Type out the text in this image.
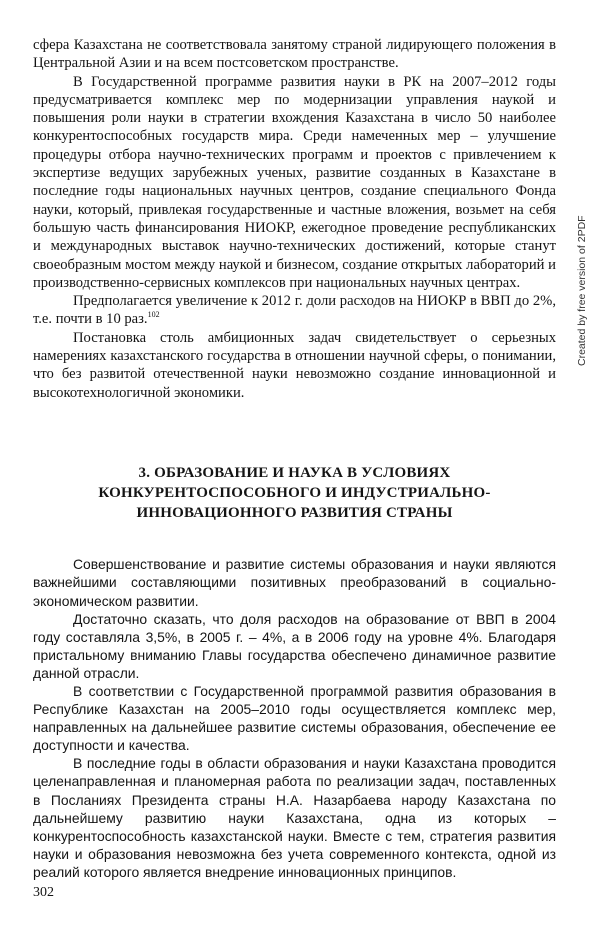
сфера Казахстана не соответствовала занятому страной лидирующего положения в Центральной Азии и на всем постсоветском пространстве.

В Государственной программе развития науки в РК на 2007–2012 годы предусматривается комплекс мер по модернизации управления наукой и повышения роли науки в стратегии вхождения Казахстана в число 50 наиболее конкурентоспособных государств мира. Среди намеченных мер – улучшение процедуры отбора научно-технических программ и проектов с привлечением к экспертизе ведущих зарубежных ученых, развитие созданных в Казахстане в последние годы национальных научных центров, создание специального Фонда науки, который, привлекая государственные и частные вложения, возьмет на себя большую часть финансирования НИОКР, ежегодное проведение республиканских и международных выставок научно-технических достижений, которые станут своеобразным мостом между наукой и бизнесом, создание открытых лабораторий и производственно-сервисных комплексов при национальных научных центрах.

Предполагается увеличение к 2012 г. доли расходов на НИОКР в ВВП до 2%, т.е. почти в 10 раз.$^{102}$

Постановка столь амбиционных задач свидетельствует о серьезных намерениях казахстанского государства в отношении научной сферы, о понимании, что без развитой отечественной науки невозможно создание инновационной и высокотехнологичной экономики.

3. ОБРАЗОВАНИЕ И НАУКА В УСЛОВИЯХ

КОНКУРЕНТОСПОСОБНОГО И ИНДУСТРИАЛЬНО-

ИННОВАЦИОННОГО РАЗВИТИЯ СТРАНЫ

Совершенствование и развитие системы образования и науки являются важнейшими составляющими позитивных преобразований в социально-экономическом развитии.

Достаточно сказать, что доля расходов на образование от ВВП в 2004 году составляла 3,5%, в 2005 г. – 4%, а в 2006 году на уровне 4%. Благодаря пристальному вниманию Главы государства обеспечено динамичное развитие данной отрасли.

В соответствии с Государственной программой развития образования в Республике Казахстан на 2005–2010 годы осуществляется комплекс мер, направленных на дальнейшее развитие системы образования, обеспечение ее доступности и качества.

В последние годы в области образования и науки Казахстана проводится целенаправленная и планомерная работа по реализации задач, поставленных в Посланиях Президента страны Н.А. Назарбаева народу Казахстана по дальнейшему развитию науки Казахстана, одна из которых – конкурентоспособность казахстанской науки. Вместе с тем, стратегия развития науки и образования невозможна без учета современного контекста, одной из реалий которого является внедрение инновационных принципов.

302

Created by free version of 2PDF
